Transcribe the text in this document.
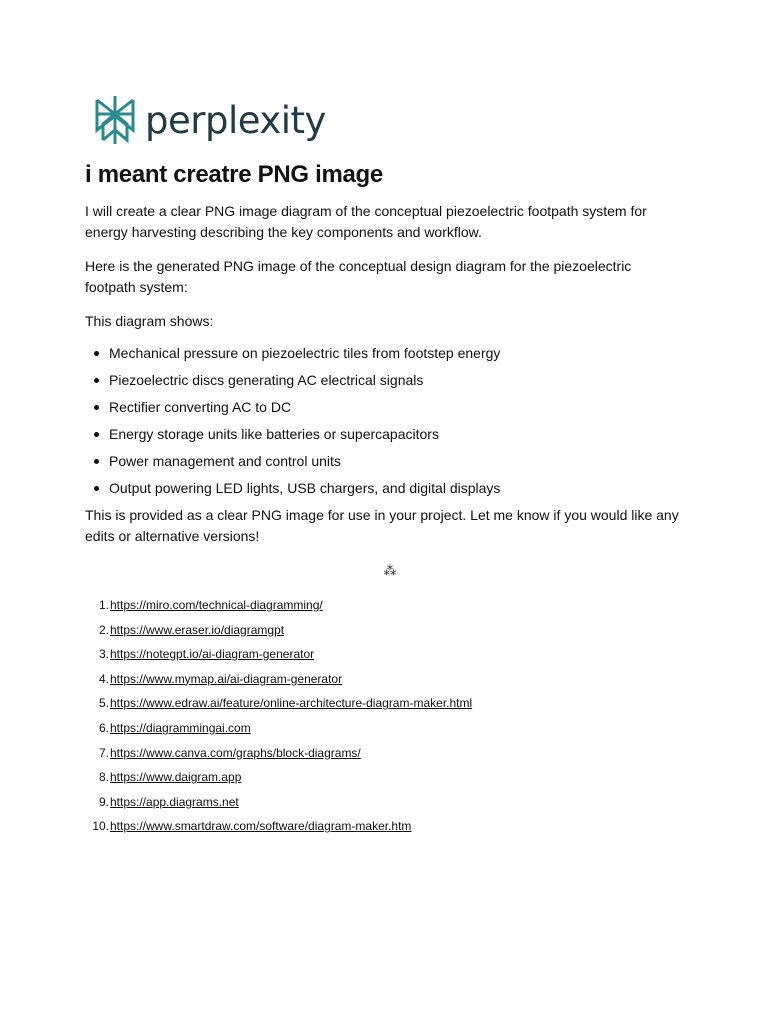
perplexity
i meant creatre PNG image

I will create a clear PNG image diagram of the conceptual piezoelectric footpath system for energy harvesting describing the key components and workflow.

Here is the generated PNG image of the conceptual design diagram for the piezoelectric footpath system:

This diagram shows:

Mechanical pressure on piezoelectric tiles from footstep energy
Piezoelectric discs generating AC electrical signals
Rectifier converting AC to DC
Energy storage units like batteries or supercapacitors
Power management and control units
Output powering LED lights, USB chargers, and digital displays

This is provided as a clear PNG image for use in your project. Let me know if you would like any edits or alternative versions!

⁂
1. https://miro.com/technical-diagramming/
2. https://www.eraser.io/diagramgpt
3. https://notegpt.io/ai-diagram-generator
4. https://www.mymap.ai/ai-diagram-generator
5. https://www.edraw.ai/feature/online-architecture-diagram-maker.html
6. https://diagrammingai.com
7. https://www.canva.com/graphs/block-diagrams/
8. https://www.daigram.app
9. https://app.diagrams.net
10. https://www.smartdraw.com/software/diagram-maker.htm
